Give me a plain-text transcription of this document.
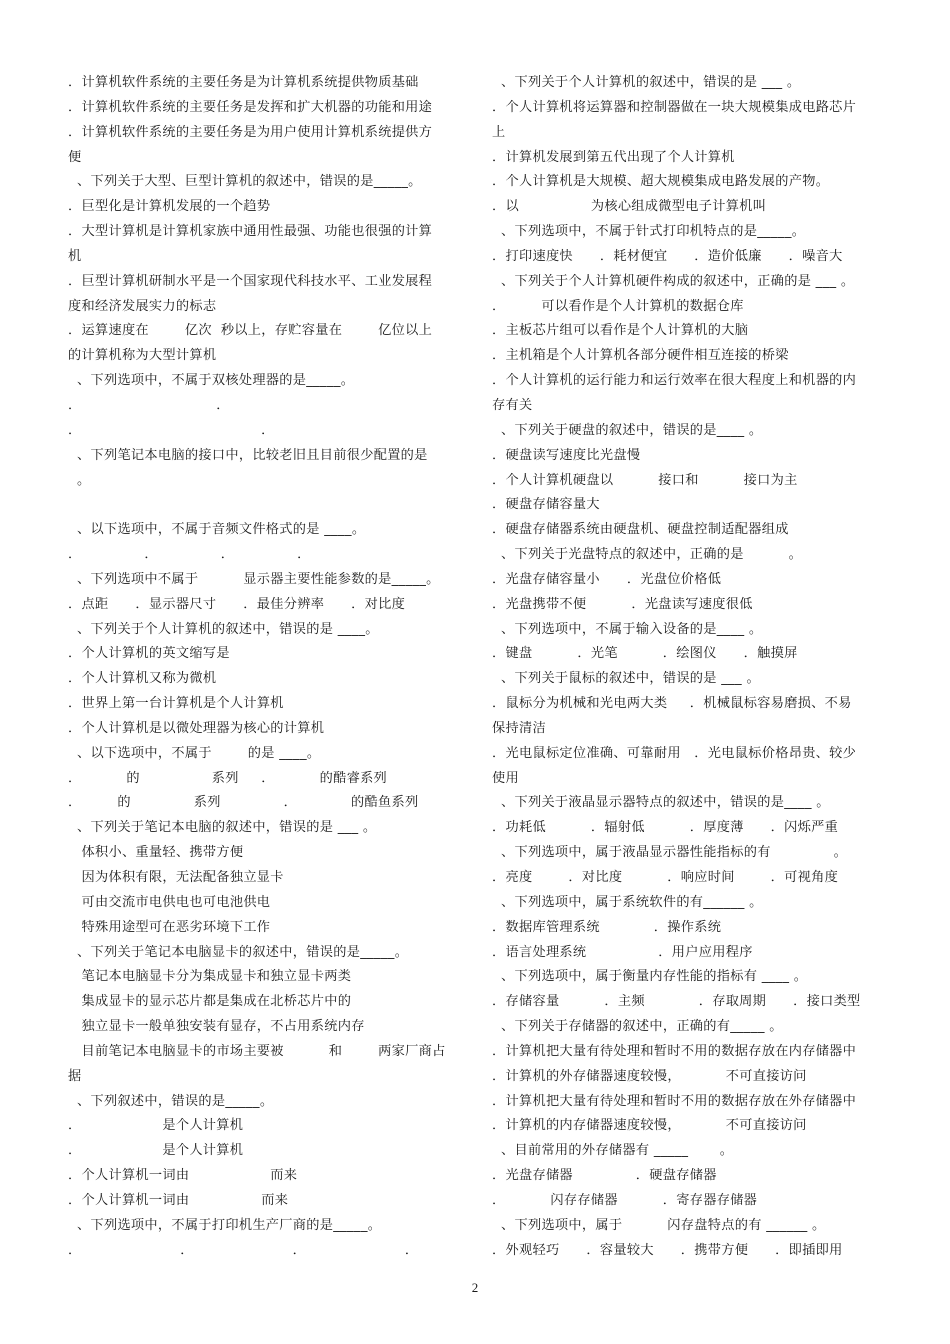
．计算机软件系统的主要任务是为计算机系统提供物质基础
．计算机软件系统的主要任务是发挥和扩大机器的功能和用途
．计算机软件系统的主要任务是为用户使用计算机系统提供方
便
、下列关于大型、巨型计算机的叙述中，错误的是_____。
．巨型化是计算机发展的一个趋势
．大型计算机是计算机家族中通用性最强、功能也很强的计算
机
．巨型计算机研制水平是一个国家现代科技水平、工业发展程
度和经济发展实力的标志
．运算速度在        亿次  秒以上，存贮容量在        亿位以上
的计算机称为大型计算机
、下列选项中，不属于双核处理器的是_____。
．                              ．
．                                        ．
、下列笔记本电脑的接口中，比较老旧且目前很少配置的是
。
、以下选项中，不属于音频文件格式的是 ____。
．              ．              ．              ．
、下列选项中不属于          显示器主要性能参数的是_____。
．点距      ．显示器尺寸      ．最佳分辨率      ．对比度
、下列关于个人计算机的叙述中，错误的是 ____。
．个人计算机的英文缩写是
．个人计算机又称为微机
．世界上第一台计算机是个人计算机
．个人计算机是以微处理器为核心的计算机
、以下选项中，不属于        的是 ____。
．          的                系列     ．          的酷睿系列
．        的              系列              ．            的酷鱼系列
、下列关于笔记本电脑的叙述中，错误的是 ___ 。
体积小、重量轻、携带方便
因为体积有限，无法配备独立显卡
可由交流市电供电也可电池供电
特殊用途型可在恶劣环境下工作
、下列关于笔记本电脑显卡的叙述中，错误的是_____。
笔记本电脑显卡分为集成显卡和独立显卡两类
集成显卡的显示芯片都是集成在北桥芯片中的
独立显卡一般单独安装有显存，不占用系统内存
目前笔记本电脑显卡的市场主要被          和        两家厂商占
据
、下列叙述中，错误的是_____。
．                  是个人计算机
．                  是个人计算机
．个人计算机一词由                  而来
．个人计算机一词由                而来
、下列选项中，不属于打印机生产厂商的是_____。
．                      ．                      ．                      ．
、下列关于个人计算机的叙述中，错误的是 ___ 。
．个人计算机将运算器和控制器做在一块大规模集成电路芯片
上
．计算机发展到第五代出现了个人计算机
．个人计算机是大规模、超大规模集成电路发展的产物。
．以                为核心组成微型电子计算机叫
、下列选项中，不属于针式打印机特点的是_____。
．打印速度快      ．耗材便宜      ．造价低廉      ．噪音大
、下列关于个人计算机硬件构成的叙述中，正确的是 ___ 。
．        可以看作是个人计算机的数据仓库
．主板芯片组可以看作是个人计算机的大脑
．主机箱是个人计算机各部分硬件相互连接的桥梁
．个人计算机的运行能力和运行效率在很大程度上和机器的内
存有关
、下列关于硬盘的叙述中，错误的是____ 。
．硬盘读写速度比光盘慢
．个人计算机硬盘以          接口和          接口为主
．硬盘存储容量大
．硬盘存储器系统由硬盘机、硬盘控制适配器组成
、下列关于光盘特点的叙述中，正确的是          。
．光盘存储容量小      ．光盘位价格低
．光盘携带不便          ．光盘读写速度很低
、下列选项中，不属于输入设备的是____ 。
．键盘          ．光笔          ．绘图仪      ．触摸屏
、下列关于鼠标的叙述中，错误的是 ___ 。
．鼠标分为机械和光电两大类     ．机械鼠标容易磨损、不易
保持清洁
．光电鼠标定位准确、可靠耐用   ．光电鼠标价格昂贵、较少
使用
、下列关于液晶显示器特点的叙述中，错误的是____ 。
．功耗低          ．辐射低          ．厚度薄      ．闪烁严重
、下列选项中，属于液晶显示器性能指标的有              。
．亮度        ．对比度          ．响应时间        ．可视角度
、下列选项中，属于系统软件的有______ 。
．数据库管理系统            ．操作系统
．语言处理系统                ．用户应用程序
、下列选项中，属于衡量内存性能的指标有 ____ 。
．存储容量          ．主频            ．存取周期      ．接口类型
、下列关于存储器的叙述中，正确的有_____ 。
．计算机把大量有待处理和暂时不用的数据存放在内存储器中
．计算机的外存储器速度较慢，          不可直接访问
．计算机把大量有待处理和暂时不用的数据存放在外存储器中
．计算机的内存储器速度较慢，          不可直接访问
、目前常用的外存储器有 _____       。
．光盘存储器              ．硬盘存储器
．          闪存存储器          ．寄存器存储器
、下列选项中，属于          闪存盘特点的有 ______ 。
．外观轻巧      ．容量较大      ．携带方便      ．即插即用
2
